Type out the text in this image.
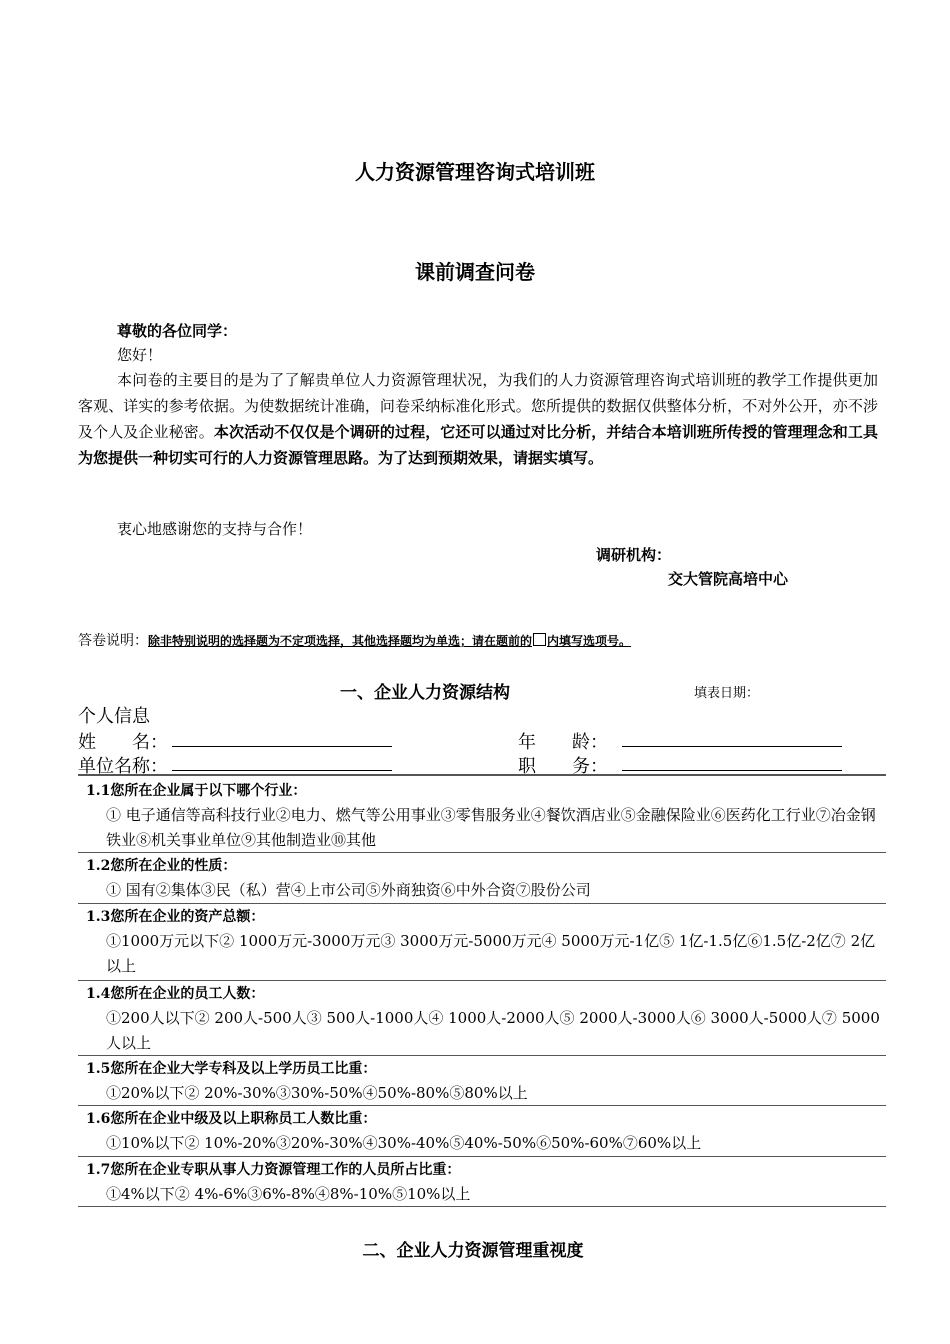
人力资源管理咨询式培训班
课前调查问卷
尊敬的各位同学：
您好！
本问卷的主要目的是为了了解贵单位人力资源管理状况，为我们的人力资源管理咨询式培训班的教学工作提供更加客观、详实的参考依据。为使数据统计准确，问卷采纳标准化形式。您所提供的数据仅供整体分析，不对外公开，亦不涉及个人及企业秘密。本次活动不仅仅是个调研的过程，它还可以通过对比分析，并结合本培训班所传授的管理理念和工具为您提供一种切实可行的人力资源管理思路。为了达到预期效果，请据实填写。
衷心地感谢您的支持与合作！
调研机构：
交大管院高培中心
答卷说明：除非特别说明的选择题为不定项选择，其他选择题均为单选；请在题前的 内填写选项号。
一、企业人力资源结构	填表日期：
个人信息
姓　　名：	年　　龄：
单位名称：	职　　务：
1.1您所在企业属于以下哪个行业：
① 电子通信等高科技行业②电力、燃气等公用事业③零售服务业④餐饮酒店业⑤金融保险业⑥医药化工行业⑦冶金钢铁业⑧机关事业单位⑨其他制造业⑩其他
1.2您所在企业的性质：
① 国有②集体③民（私）营④上市公司⑤外商独资⑥中外合资⑦股份公司
1.3您所在企业的资产总额：
①1000万元以下② 1000万元-3000万元③ 3000万元-5000万元④ 5000万元-1亿⑤ 1亿-1.5亿⑥1.5亿-2亿⑦ 2亿以上
1.4您所在企业的员工人数：
①200人以下② 200人-500人③ 500人-1000人④ 1000人-2000人⑤ 2000人-3000人⑥ 3000人-5000人⑦ 5000人以上
1.5您所在企业大学专科及以上学历员工比重：
①20%以下② 20%-30%③30%-50%④50%-80%⑤80%以上
1.6您所在企业中级及以上职称员工人数比重：
①10%以下② 10%-20%③20%-30%④30%-40%⑤40%-50%⑥50%-60%⑦60%以上
1.7您所在企业专职从事人力资源管理工作的人员所占比重：
①4%以下② 4%-6%③6%-8%④8%-10%⑤10%以上
二、企业人力资源管理重视度
